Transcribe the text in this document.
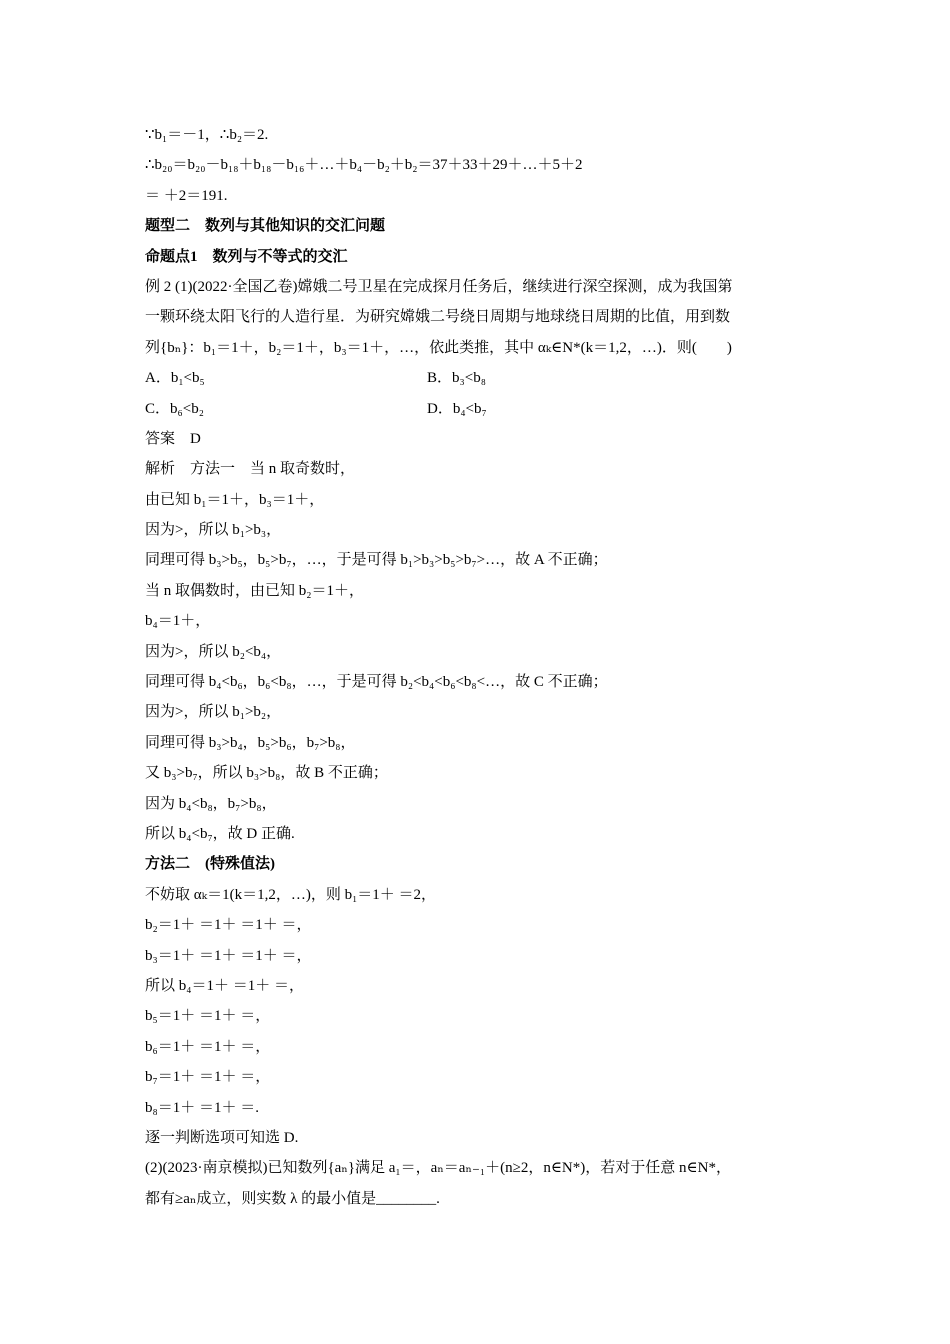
∵b₁＝－1，∴b₂＝2.
∴b₂₀＝b₂₀－b₁₈＋b₁₈－b₁₆＋…＋b₄－b₂＋b₂＝37＋33＋29＋…＋5＋2
＝ ＋2＝191.
题型二　数列与其他知识的交汇问题
命题点1　数列与不等式的交汇
例 2 (1)(2022·全国乙卷)嫦娥二号卫星在完成探月任务后，继续进行深空探测，成为我国第
一颗环绕太阳飞行的人造行星．为研究嫦娥二号绕日周期与地球绕日周期的比值，用到数
列{bₙ}：b₁＝1＋，b₂＝1＋，b₃＝1＋，…，依此类推，其中 αₖ∈N*(k＝1,2，…)．则(　　)
A．b₁<b₅	B．b₃<b₈
C．b₆<b₂	D．b₄<b₇
答案　D
解析　方法一　当 n 取奇数时，
由已知 b₁＝1＋，b₃＝1＋，
因为>，所以 b₁>b₃，
同理可得 b₃>b₅，b₅>b₇，…，于是可得 b₁>b₃>b₅>b₇>…，故 A 不正确；
当 n 取偶数时，由已知 b₂＝1＋，
b₄＝1＋，
因为>，所以 b₂<b₄，
同理可得 b₄<b₆，b₆<b₈，…，于是可得 b₂<b₄<b₆<b₈<…，故 C 不正确；
因为>，所以 b₁>b₂，
同理可得 b₃>b₄，b₅>b₆，b₇>b₈，
又 b₃>b₇，所以 b₃>b₈，故 B 不正确；
因为 b₄<b₈，b₇>b₈，
所以 b₄<b₇，故 D 正确.
方法二　(特殊值法)
不妨取 αₖ＝1(k＝1,2，…)，则 b₁＝1＋ ＝2，
b₂＝1＋ ＝1＋ ＝1＋ ＝，
b₃＝1＋ ＝1＋ ＝1＋ ＝，
所以 b₄＝1＋ ＝1＋ ＝，
b₅＝1＋ ＝1＋ ＝，
b₆＝1＋ ＝1＋ ＝，
b₇＝1＋ ＝1＋ ＝，
b₈＝1＋ ＝1＋ ＝.
逐一判断选项可知选 D.
(2)(2023·南京模拟)已知数列{aₙ}满足 a₁＝，aₙ＝aₙ₋₁＋(n≥2，n∈N*)，若对于任意 n∈N*，
都有≥aₙ成立，则实数 λ 的最小值是________.
